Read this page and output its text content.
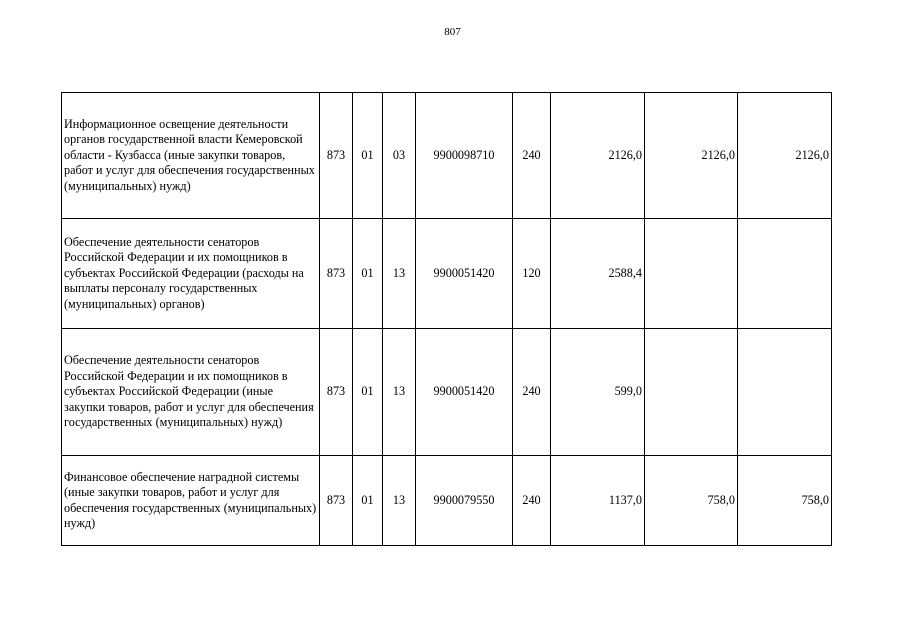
807
Информационное освещение деятельности органов государственной власти Кемеровской области - Кузбасса (иные закупки товаров, работ и услуг для обеспечения государственных (муниципальных) нужд)	873	01	03	9900098710	240	2126,0	2126,0	2126,0
Обеспечение деятельности сенаторов Российской Федерации и их помощников в субъектах Российской Федерации (расходы на выплаты персоналу государственных (муниципальных) органов)	873	01	13	9900051420	120	2588,4		
Обеспечение деятельности сенаторов Российской Федерации и их помощников в субъектах Российской Федерации (иные закупки товаров, работ и услуг для обеспечения государственных (муниципальных) нужд)	873	01	13	9900051420	240	599,0		
Финансовое обеспечение наградной системы (иные закупки товаров, работ и услуг для обеспечения государственных (муниципальных) нужд)	873	01	13	9900079550	240	1137,0	758,0	758,0
